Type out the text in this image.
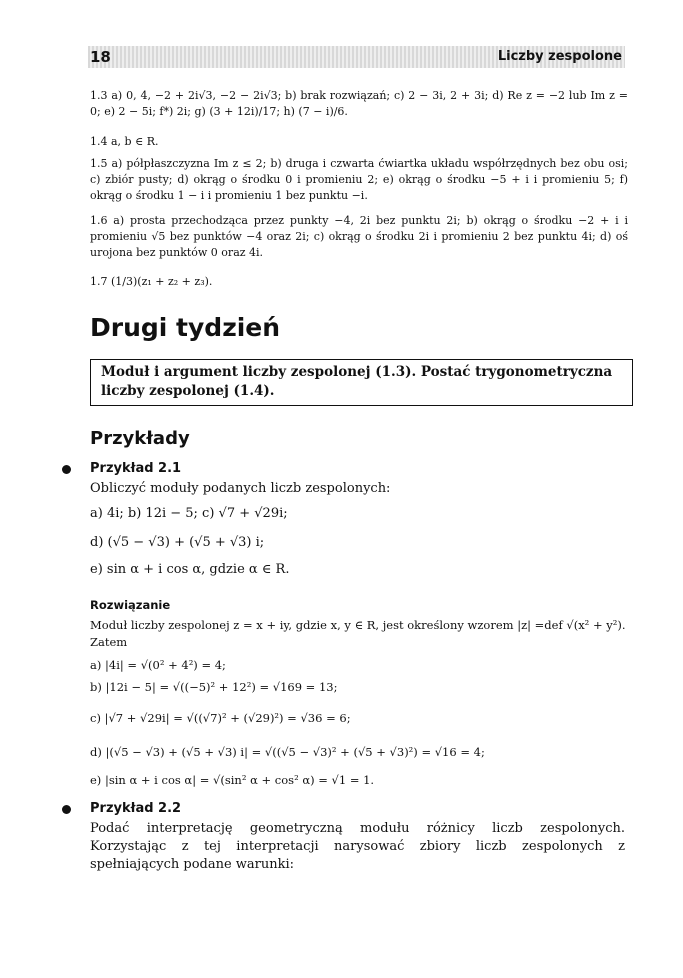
18	Liczby zespolone

1.3 a) 0, 4, −2 + 2i√3, −2 − 2i√3; b) brak rozwiązań; c) 2 − 3i, 2 + 3i; d) Re z = −2 lub Im z = 0; e) 2 − 5i; f*) 2i; g) (3 + 12i)/17; h) (7 − i)/6.

1.4 a, b ∈ R.

1.5 a) półpłaszczyzna Im z ≤ 2; b) druga i czwarta ćwiartka układu współrzędnych bez obu osi; c) zbiór pusty; d) okrąg o środku 0 i promieniu 2; e) okrąg o środku −5 + i i promieniu 5; f) okrąg o środku 1 − i i promieniu 1 bez punktu −i.

1.6 a) prosta przechodząca przez punkty −4, 2i bez punktu 2i; b) okrąg o środku −2 + i i promieniu √5 bez punktów −4 oraz 2i; c) okrąg o środku 2i i promieniu 2 bez punktu 4i; d) oś urojona bez punktów 0 oraz 4i.

1.7 (1/3)(z₁ + z₂ + z₃).

Drugi tydzień
Moduł i argument liczby zespolonej (1.3). Postać trygonometryczna liczby zespolonej (1.4).
Przykłady
Przykład 2.1

Obliczyć moduły podanych liczb zespolonych:

a) 4i; b) 12i − 5; c) √7 + √29i;

d) (√5 − √3) + (√5 + √3) i;

e) sin α + i cos α, gdzie α ∈ R.

Rozwiązanie

Moduł liczby zespolonej z = x + iy, gdzie x, y ∈ R, jest określony wzorem |z| =def √(x² + y²).

Zatem

a) |4i| = √(0² + 4²) = 4;

b) |12i − 5| = √((−5)² + 12²) = √169 = 13;

c) |√7 + √29i| = √((√7)² + (√29)²) = √36 = 6;

d) |(√5 − √3) + (√5 + √3) i| = √((√5 − √3)² + (√5 + √3)²) = √16 = 4;

e) |sin α + i cos α| = √(sin² α + cos² α) = √1 = 1.

Przykład 2.2

Podać interpretację geometryczną modułu różnicy liczb zespolonych. Korzystając z tej interpretacji narysować zbiory liczb zespolonych z spełniających podane warunki:
